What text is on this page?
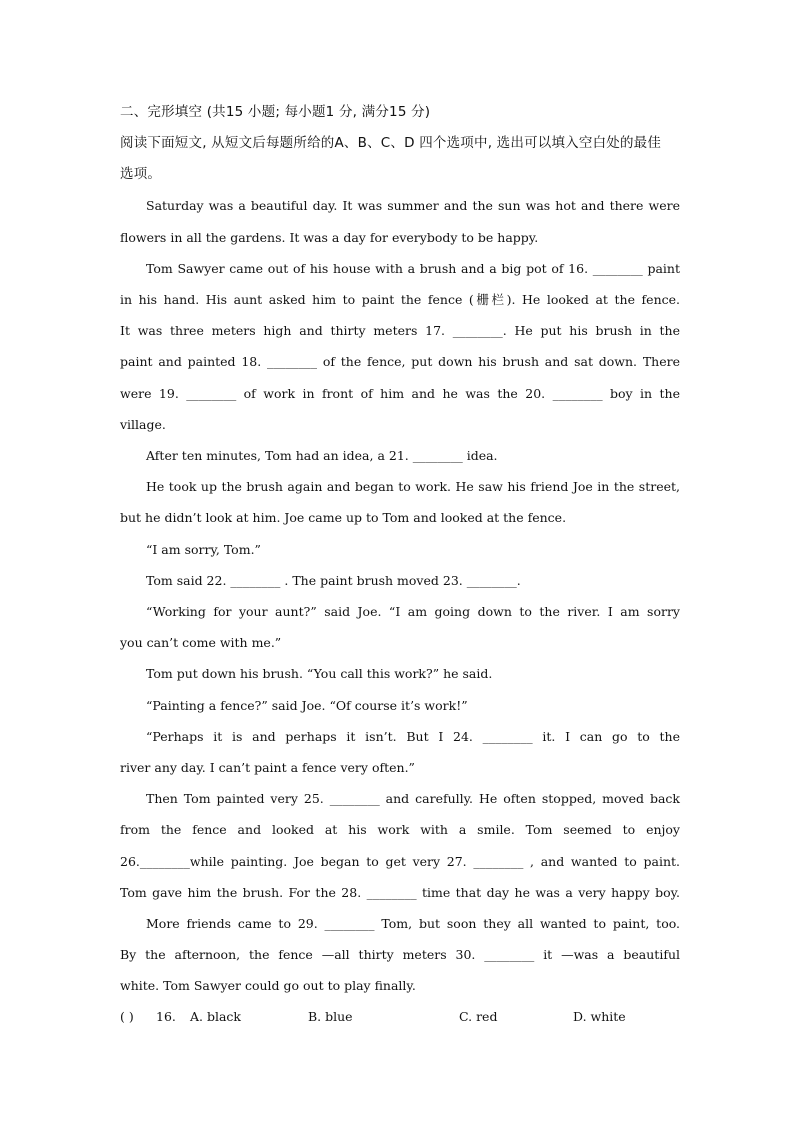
二、完形填空 (共15 小题; 每小题1 分, 满分15 分)
阅读下面短文, 从短文后每题所给的A、B、C、D 四个选项中, 选出可以填入空白处的最佳
选项。
Saturday was a beautiful day. It was summer and the sun was hot and there were
flowers in all the gardens. It was a day for everybody to be happy.
Tom Sawyer came out of his house with a brush and a big pot of 16. ________ paint
in his hand. His aunt asked him to paint the fence (栅栏). He looked at the fence.
It was three meters high and thirty meters 17. ________. He put his brush in the
paint and painted 18. ________ of the fence, put down his brush and sat down. There
were 19. ________ of work in front of him and he was the 20. ________ boy in the
village.
After ten minutes, Tom had an idea, a 21. ________ idea.
He took up the brush again and began to work. He saw his friend Joe in the street,
but he didn’t look at him. Joe came up to Tom and looked at the fence.
“I am sorry, Tom.”
Tom said 22. ________ . The paint brush moved 23. ________.
“Working for your aunt?” said Joe. “I am going down to the river. I am sorry
you can’t come with me.”
Tom put down his brush. “You call this work?” he said.
“Painting a fence?” said Joe. “Of course it’s work!”
“Perhaps it is and perhaps it isn’t. But I 24. ________ it. I can go to the
river any day. I can’t paint a fence very often.”
Then Tom painted very 25. ________ and carefully. He often stopped, moved back
from the fence and looked at his work with a smile. Tom seemed to enjoy
26.________while painting. Joe began to get very 27. ________ , and wanted to paint.
Tom gave him the brush. For the 28. ________ time that day he was a very happy boy.
More friends came to 29. ________ Tom, but soon they all wanted to paint, too.
By the afternoon, the fence —all thirty meters 30. ________ it —was a beautiful
white. Tom Sawyer could go out to play finally.
( ) 16. A. black	B. blue	C. red	D. white
